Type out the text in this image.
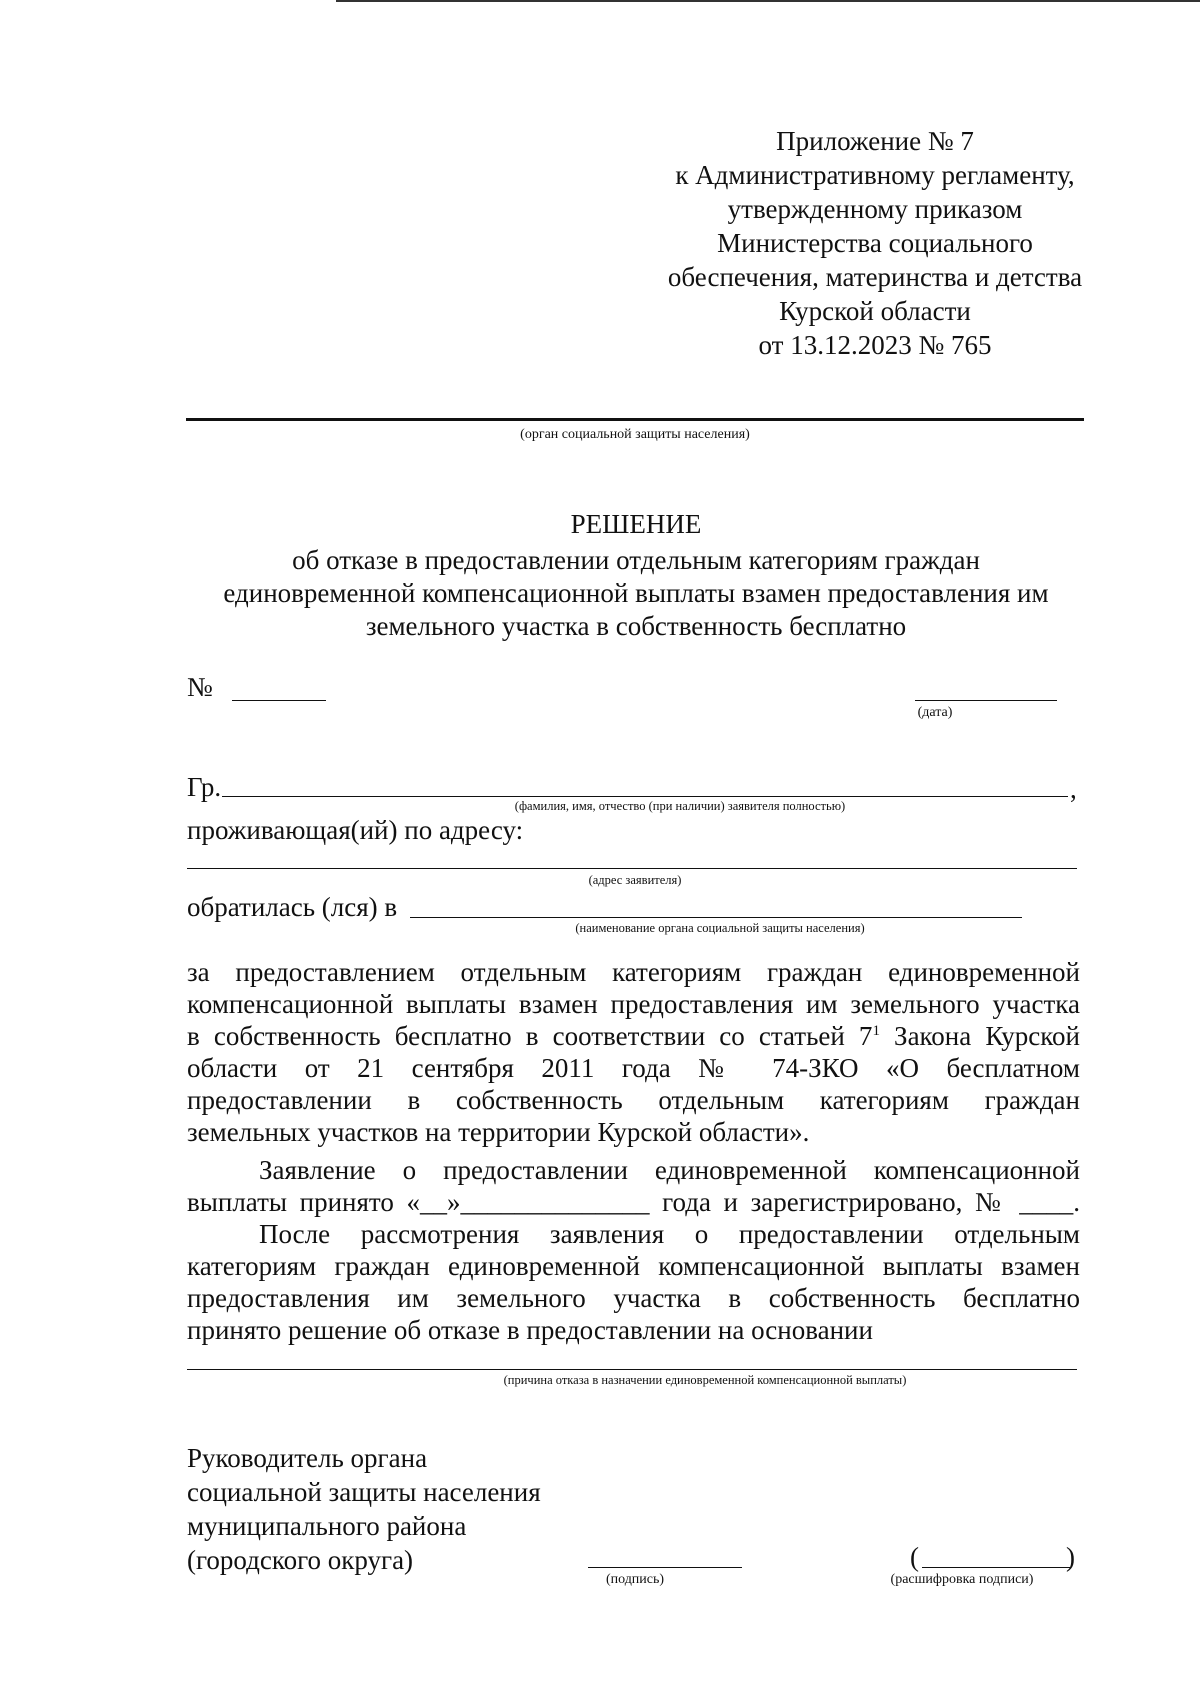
Приложение № 7
к Административному регламенту,
утвержденному приказом
Министерства социального
обеспечения, материнства и детства
Курской области
от 13.12.2023 № 765
(орган социальной защиты населения)
РЕШЕНИЕ
об отказе в предоставлении отдельным категориям граждан
единовременной компенсационной выплаты взамен предоставления им
земельного участка в собственность бесплатно
№
(дата)
Гр.	,
(фамилия, имя, отчество (при наличии) заявителя полностью)
проживающая(ий) по адресу:
(адрес заявителя)
обратилась (лся) в
(наименование органа социальной защиты населения)
за предоставлением отдельным категориям граждан единовременной
компенсационной выплаты взамен предоставления им земельного участка
в собственность бесплатно в соответствии со статьей $7^1$ Закона Курской
области от 21 сентября 2011 года № 74-ЗКО «О бесплатном
предоставлении в собственность отдельным категориям граждан
земельных участков на территории Курской области».
Заявление о предоставлении единовременной компенсационной
выплаты принято «__»______________ года и зарегистрировано, № ____.
После рассмотрения заявления о предоставлении отдельным
категориям граждан единовременной компенсационной выплаты взамен
предоставления им земельного участка в собственность бесплатно
принято решение об отказе в предоставлении на основании
(причина отказа в назначении единовременной компенсационной выплаты)
Руководитель органа
социальной защиты населения
муниципального района
(городского округа)
(подпись)
(	)
(расшифровка подписи)
